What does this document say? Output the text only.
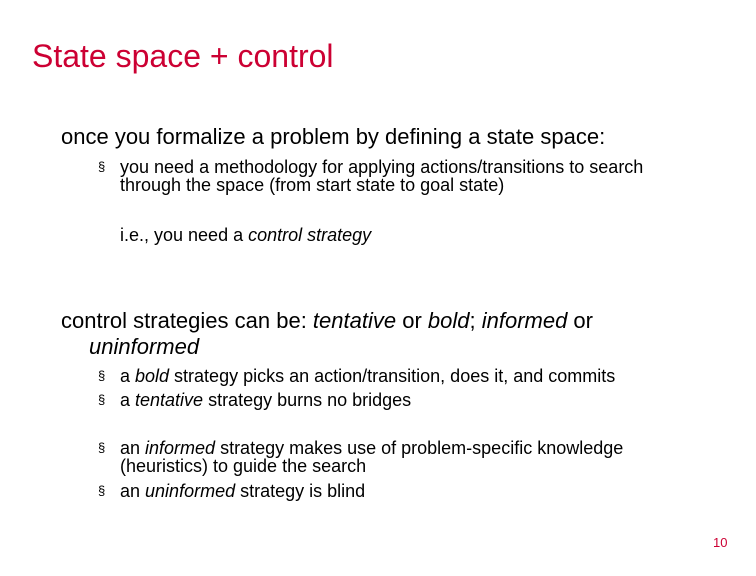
State space + control
once you formalize a problem by defining a state space:
§ you need a methodology for applying actions/transitions to search
through the space (from start state to goal state)
i.e., you need a control strategy
control strategies can be: tentative or bold; informed or
uninformed
§ a bold strategy picks an action/transition, does it, and commits
§ a tentative strategy burns no bridges
§ an informed strategy makes use of problem-specific knowledge
(heuristics) to guide the search
§ an uninformed strategy is blind
10
